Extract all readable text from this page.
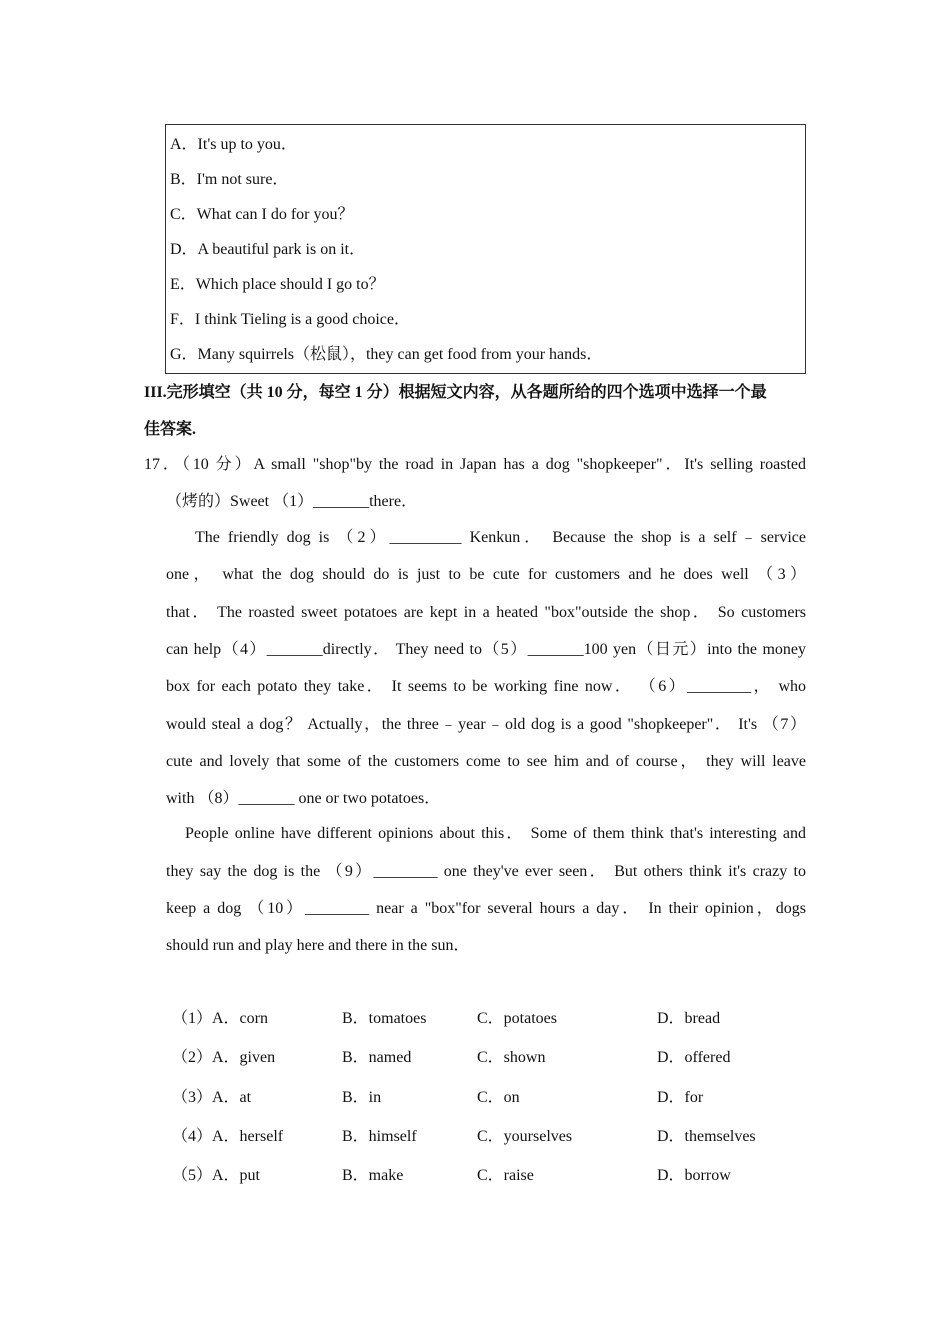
A．It's up to you．
B．I'm not sure．
C．What can I do for you？
D．A beautiful park is on it．
E．Which place should I go to？
F．I think Tieling is a good choice．
G．Many squirrels（松鼠），they can get food from your hands．
III.完形填空（共 10 分，每空 1 分）根据短文内容，从各题所给的四个选项中选择一个最
佳答案.
17．（10 分）A small "shop"by the road in Japan has a dog "shopkeeper"．It's selling roasted
（烤的）Sweet （1）_______there．
The friendly dog is （2）_________ Kenkun． Because the shop is a self﹣service
one， what the dog should do is just to be cute for customers and he does well （3）
that． The roasted sweet potatoes are kept in a heated "box"outside the shop． So customers
can help（4）_______directly． They need to（5）_______100 yen（日元）into the money
box for each potato they take． It seems to be working fine now． （6）________， who
would steal a dog？ Actually，the three﹣year﹣old dog is a good "shopkeeper"． It's （7）
cute and lovely that some of the customers come to see him and of course， they will leave
with （8）_______ one or two potatoes．
People online have different opinions about this． Some of them think that's interesting and
they say the dog is the （9）________ one they've ever seen． But others think it's crazy to
keep a dog （10）________ near a "box"for several hours a day． In their opinion，dogs
should run and play here and there in the sun．
（1）A．corn	B．tomatoes	C．potatoes	D．bread
（2）A．given	B．named	C．shown	D．offered
（3）A．at	B．in	C．on	D．for
（4）A．herself	B．himself	C．yourselves	D．themselves
（5）A．put	B．make	C．raise	D．borrow
